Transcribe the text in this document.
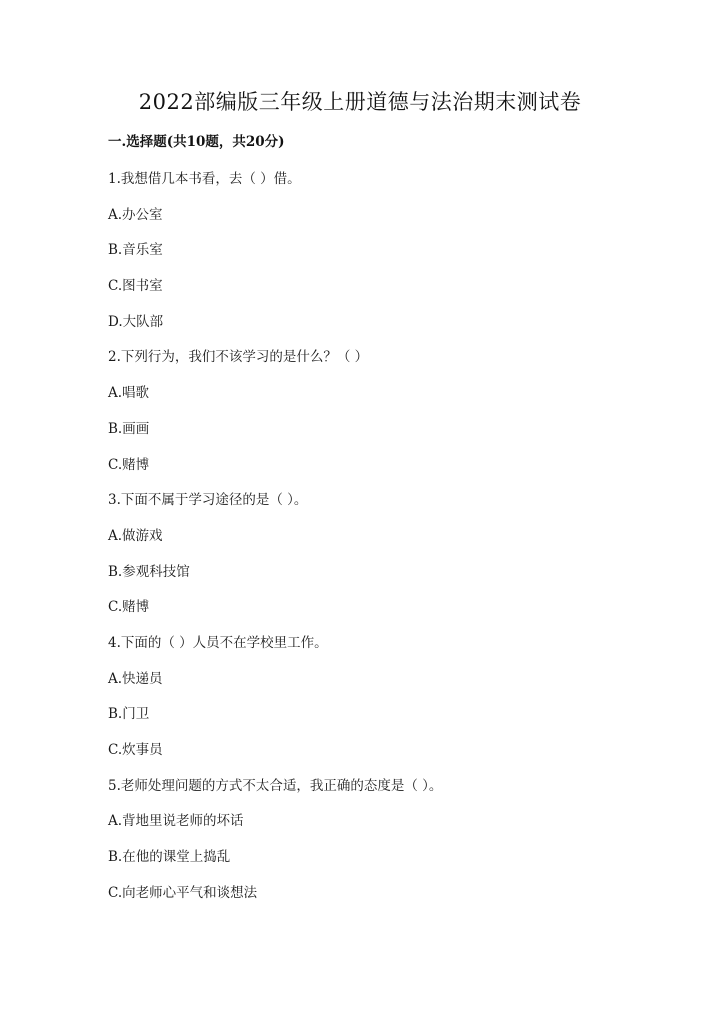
2022部编版三年级上册道德与法治期末测试卷
一.选择题(共10题，共20分)
1.我想借几本书看，去（ ）借。
A.办公室
B.音乐室
C.图书室
D.大队部
2.下列行为，我们不该学习的是什么？（ ）
A.唱歌
B.画画
C.赌博
3.下面不属于学习途径的是（ ）。
A.做游戏
B.参观科技馆
C.赌博
4.下面的（ ）人员不在学校里工作。
A.快递员
B.门卫
C.炊事员
5.老师处理问题的方式不太合适，我正确的态度是（ ）。
A.背地里说老师的坏话
B.在他的课堂上捣乱
C.向老师心平气和谈想法
